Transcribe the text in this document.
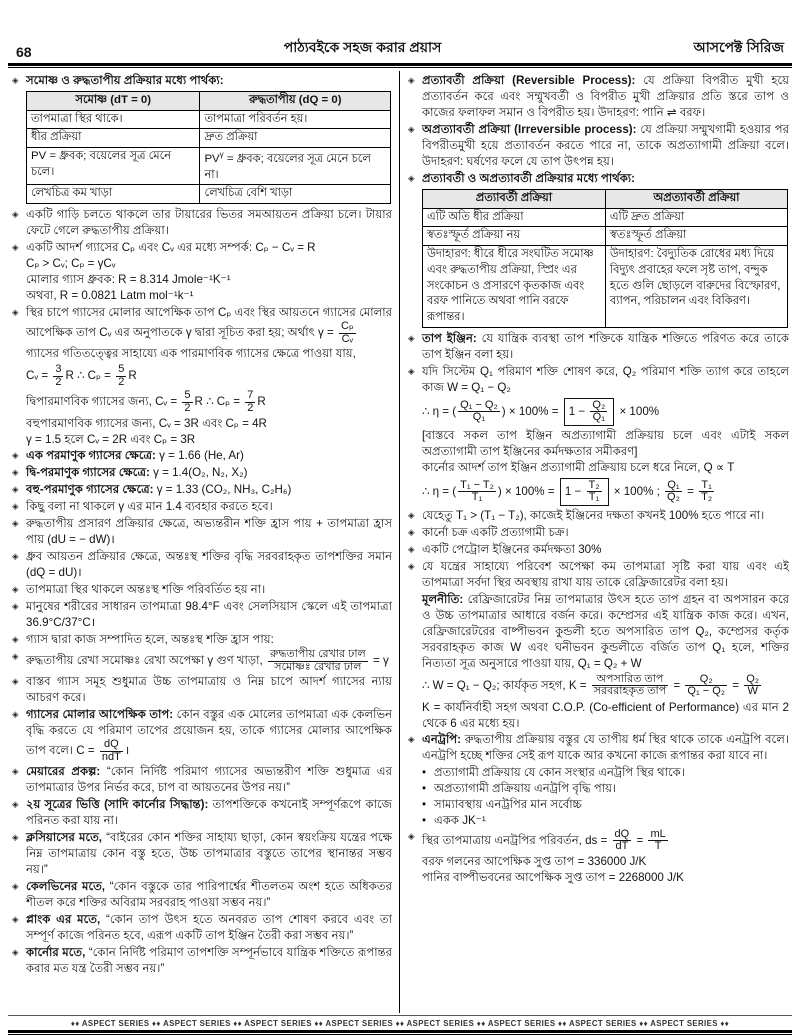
68	পাঠ্যবইকে সহজ করার প্রয়াস	আসপেক্ট সিরিজ
◈ সমোষ্ণ ও রুদ্ধতাপীয় প্রক্রিয়ার মধ্যে পার্থক্য:
সমোষ্ণ (dT = 0)	রুদ্ধতাপীয় (dQ = 0)
তাপমাত্রা স্থির থাকে।	তাপমাত্রা পরিবর্তন হয়।
ধীর প্রক্রিয়া	দ্রুত প্রক্রিয়া
PV = ধ্রুবক; বয়েলের সূত্র মেনে চলে।	$PV^\gamma$ = ধ্রুবক; বয়েলের সূত্র মেনে চলে না।
লেখচিত্র কম খাড়া	লেখচিত্র বেশি খাড়া
◈ একটি গাড়ি চলতে থাকলে তার টায়ারের ভিতর সমআয়তন প্রক্রিয়া চলে। টায়ার ফেটে গেলে রুদ্ধতাপীয় প্রক্রিয়া।
◈ একটি আদর্শ গ্যাসের Cₚ এবং Cᵥ এর মধ্যে সম্পর্ক: Cₚ − Cᵥ = R
Cₚ > Cᵥ; Cₚ = γCᵥ
মোলার গ্যাস ধ্রুবক: R = 8.314 Jmole⁻¹K⁻¹
অথবা, R = 0.0821 Latm mol⁻¹k⁻¹
◈ স্থির চাপে গ্যাসের মোলার আপেক্ষিক তাপ Cₚ এবং স্থির আয়তনে গ্যাসের মোলার আপেক্ষিক তাপ Cᵥ এর অনুপাতকে γ দ্বারা সূচিত করা হয়; অর্থাৎ $\gamma = \frac{\text{Cₚ}}{\text{Cᵥ}}$
গ্যাসের গতিতত্ত্বের সাহায্যে এক পারমাণবিক গ্যাসের ক্ষেত্রে পাওয়া যায়,
Cᵥ = $\frac{3}{2}$ R ∴ $C_p = \frac{5}{2}$ R
দ্বিপারমাণবিক গ্যাসের জন্য, Cᵥ = $\frac{5}{2}$ R ∴ $C_p = \frac{7}{2}$ R
বহুপারমাণবিক গ্যাসের জন্য, Cᵥ = 3R এবং Cₚ = 4R
γ = 1.5 হলে Cᵥ = 2R এবং Cₚ = 3R
◈ এক পরমাণুক গ্যাসের ক্ষেত্রে: γ = 1.66 (He, Ar)
◈ দ্বি-পরমাণুক গ্যাসের ক্ষেত্রে: γ = 1.4(O₂, N₂, X₂)
◈ বহু-পরমাণুক গ্যাসের ক্ষেত্রে: γ = 1.33 (CO₂, NH₃, C₂H₆)
◈ কিছু বলা না থাকলে γ এর মান 1.4 ব্যবহার করতে হবে।
◈ রুদ্ধতাপীয় প্রসারণ প্রক্রিয়ার ক্ষেত্রে, অভ্যন্তরীন শক্তি হ্রাস পায় + তাপমাত্রা হ্রাস পায় (dU = − dW)।
◈ ধ্রুব আয়তন প্রক্রিয়ার ক্ষেত্রে, অন্তঃস্থ শক্তির বৃদ্ধি সরবরাহকৃত তাপশক্তির সমান (dQ = dU)।
◈ তাপমাত্রা স্থির থাকলে অন্তঃস্থ শক্তি পরিবর্তিত হয় না।
◈ মানুষের শরীরের সাধারন তাপমাত্রা 98.4°F এবং সেলসিয়াস স্কেলে এই তাপমাত্রা 36.9°C/37°C।
◈ গ্যাস দ্বারা কাজ সম্পাদিত হলে, অন্তঃস্থ শক্তি হ্রাস পায়:
◈ রুদ্ধতাপীয় রেখা সমোষ্ণঃ রেখা অপেক্ষা γ গুণ খাড়া, $\frac{\text{রুদ্ধতাপীয় রেখার ঢাল}}{\text{সমোষ্ণঃ রেখার ঢাল}} = \gamma$
◈ বাস্তব গ্যাস সমূহ শুধুমাত্র উচ্চ তাপমাত্রায় ও নিম্ন চাপে আদর্শ গ্যাসের ন্যায় আচরণ করে।
◈ গ্যাসের মোলার আপেক্ষিক তাপ: কোন বস্তুর এক মোলের তাপমাত্রা এক কেলভিন বৃদ্ধি করতে যে পরিমাণ তাপের প্রয়োজন হয়, তাকে গ্যাসের মোলার আপেক্ষিক তাপ বলে। $C = \frac{dQ}{\text{ndT}}$ ।
◈ মেয়ারের প্রকল্প: “কোন নির্দিষ্ট পরিমাণ গ্যাসের অভ্যন্তরীণ শক্তি শুধুমাত্র এর তাপমাত্রার উপর নির্ভর করে, চাপ বা আয়তনের উপর নয়।”
◈ ২য় সূত্রের ভিত্তি (সাদি কার্নোর সিদ্ধান্ত): তাপশক্তিকে কখনোই সম্পূর্ণরূপে কাজে পরিনত করা যায় না।
◈ ক্লসিয়াসের মতে, “বাইরের কোন শক্তির সাহায্য ছাড়া, কোন স্বয়ংক্রিয় যন্ত্রের পক্ষে নিম্ন তাপমাত্রায় কোন বস্তু হতে, উচ্চ তাপমাত্রার বস্তুতে তাপের স্থানান্তর সম্ভব নয়।”
◈ কেলভিনের মতে, “কোন বস্তুকে তার পারিপার্শ্বের শীতলতম অংশ হতে অধিকতর শীতল করে শক্তির অবিরাম সরবরাহ পাওয়া সম্ভব নয়।”
◈ প্লাংক এর মতে, “কোন তাপ উৎস হতে অনবরত তাপ শোষণ করবে এবং তা সম্পূর্ণ কাজে পরিনত হবে, এরূপ একটি তাপ ইঞ্জিন তৈরী করা সম্ভব নয়।”
◈ কার্নোর মতে, “কোন নির্দিষ্ট পরিমাণ তাপশক্তি সম্পূর্নভাবে যান্ত্রিক শক্তিতে রূপান্তর করার মত যন্ত্র তৈরী সম্ভব নয়।”
◈ প্রত্যাবর্তী প্রক্রিয়া (Reversible Process): যে প্রক্রিয়া বিপরীত মুখী হয়ে প্রত্যাবর্তন করে এবং সম্মুখবর্তী ও বিপরীত মুখী প্রক্রিয়ার প্রতি স্তরে তাপ ও কাজের ফলাফল সমান ও বিপরীত হয়। উদাহরণ: পানি ⇌ বরফ।
◈ অপ্রত্যাবর্তী প্রক্রিয়া (Irreversible process): যে প্রক্রিয়া সম্মুখগামী হওয়ার পর বিপরীতমুখী হয়ে প্রত্যাবর্তন করতে পারে না, তাকে অপ্রত্যাগামী প্রক্রিয়া বলে। উদাহরণ: ঘর্ষণের ফলে যে তাপ উৎপন্ন হয়।
◈ প্রত্যাবর্তী ও অপ্রত্যাবর্তী প্রক্রিয়ার মধ্যে পার্থক্য:
প্রত্যাবর্তী প্রক্রিয়া	অপ্রত্যাবর্তী প্রক্রিয়া
এটি অতি ধীর প্রক্রিয়া	এটি দ্রুত প্রক্রিয়া
স্বতঃস্ফূর্ত প্রক্রিয়া নয়	স্বতঃস্ফূর্ত প্রক্রিয়া
উদাহারণ: ধীরে ধীরে সংঘটিত সমোষ্ণ এবং রুদ্ধতাপীয় প্রক্রিয়া, স্প্রিং এর সংকোচন ও প্রসারণে কৃতকাজ এবং বরফ পানিতে অথবা পানি বরফে রূপান্তর।	উদাহারণ: বৈদ্যুতিক রোধের মধ্য দিয়ে বিদ্যুৎ প্রবাহের ফলে সৃষ্ট তাপ, বন্দুক হতে গুলি ছোড়লে বারুদের বিস্ফোরণ, ব্যাপন, পরিচালন এবং বিকিরণ।
◈ তাপ ইঞ্জিন: যে যান্ত্রিক ব্যবস্থা তাপ শক্তিকে যান্ত্রিক শক্তিতে পরিণত করে তাকে তাপ ইঞ্জিন বলা হয়।
◈ যদি সিস্টেম Q₁ পরিমাণ শক্তি শোষণ করে, Q₂ পরিমাণ শক্তি ত্যাগ করে তাহলে কাজ W = Q₁ − Q₂
∴ η = ( $\frac{\text{Q₁ − Q₂}}{\text{Q₁}}$ ) × $100\% = 1 - \frac{\text{Q₂}}{\text{Q₁}} \times 100\%$
[বাস্তবে সকল তাপ ইঞ্জিন অপ্রত্যাগামী প্রক্রিয়ায় চলে এবং এটাই সকল অপ্রত্যাগামী তাপ ইঞ্জিনের কর্মদক্ষতার সমীকরণ]
কার্নোর আদর্শ তাপ ইঞ্জিন প্রত্যাগামী প্রক্রিয়ায় চলে ধরে নিলে, Q ∝ T
∴ η = ( $\frac{\text{T₁ − T₂}}{\text{T₁}}$ ) × $100\% = 1 - \frac{\text{T₂}}{\text{T₁}} \times 100\%$ ; $\frac{\text{Q₁}}{\text{Q₂}} = \frac{\text{T₁}}{\text{T₂}}$
◈ যেহেতু T₁ > (T₁ − T₂), কাজেই ইঞ্জিনের দক্ষতা কখনই 100% হতে পারে না।
◈ কার্নো চক্র একটি প্রত্যাগামী চক্র।
◈ একটি পেট্রোল ইঞ্জিনের কর্মদক্ষতা 30%
◈ যে যন্ত্রের সাহায্যে পরিবেশ অপেক্ষা কম তাপমাত্রা সৃষ্টি করা যায় এবং এই তাপমাত্রা সর্বদা স্থির অবস্থায় রাখা যায় তাকে রেফ্রিজারেটর বলা হয়।
মূলনীতি: রেফ্রিজারেটর নিম্ন তাপমাত্রার উৎস হতে তাপ গ্রহন বা অপসারন করে ও উচ্চ তাপমাত্রার আধারে বর্জন করে। কম্প্রেসর এই যান্ত্রিক কাজ করে। এখন, রেফ্রিজারেটরের বাষ্পীভবন কুন্ডলী হতে অপসারিত তাপ Q₂, কম্প্রেসর কর্তৃক সরবরাহকৃত কাজ W এবং ঘনীভবন কুন্ডলীতে বর্জিত তাপ Q₁ হলে, শক্তির নিত্যতা সূত্র অনুসারে পাওয়া যায়, Q₁ = Q₂ + W
∴ W = Q₁ − Q₂; কার্যকৃত সহগ, $K = \frac{\text{অপসারিত তাপ}}{\text{সরবরাহকৃত তাপ}} = \frac{\text{Q₂}}{\text{Q₁ − Q₂}} = \frac{\text{Q₂}}{W}$
K = কার্যনির্বাহী সহগ অথবা C.O.P. (Co-efficient of Performance) এর মান 2 থেকে 6 এর মধ্যে হয়।
◈ এনট্রপি: রুদ্ধতাপীয় প্রক্রিয়ায় বস্তুর যে তাপীয় ধর্ম স্থির থাকে তাকে এনট্রপি বলে। এনট্রপি হচ্ছে শক্তির সেই রূপ যাকে আর কখনো কাজে রূপান্তর করা যাবে না।
• প্রত্যাগামী প্রক্রিয়ায় যে কোন সংস্থার এনট্রপি স্থির থাকে।
• অপ্রত্যাগামী প্রক্রিয়ায় এনট্রপি বৃদ্ধি পায়।
• সাম্যাবস্থায় এনট্রপির মান সর্বোচ্চ
• একক JK⁻¹
◈ স্থির তাপমাত্রায় এনট্রপির পরিবর্তন, ds = $\frac{dQ}{dT} = \frac{mL}{T}$
বরফ গলনের আপেক্ষিক সুপ্ত তাপ = 336000 J/K
পানির বাষ্পীভবনের আপেক্ষিক সুপ্ত তাপ = 2268000 J/K
♦♦ ASPECT SERIES ♦♦ ASPECT SERIES ♦♦ ASPECT SERIES ♦♦ ASPECT SERIES ♦♦ ASPECT SERIES ♦♦ ASPECT SERIES ♦♦ ASPECT SERIES ♦♦ ASPECT SERIES ♦♦
